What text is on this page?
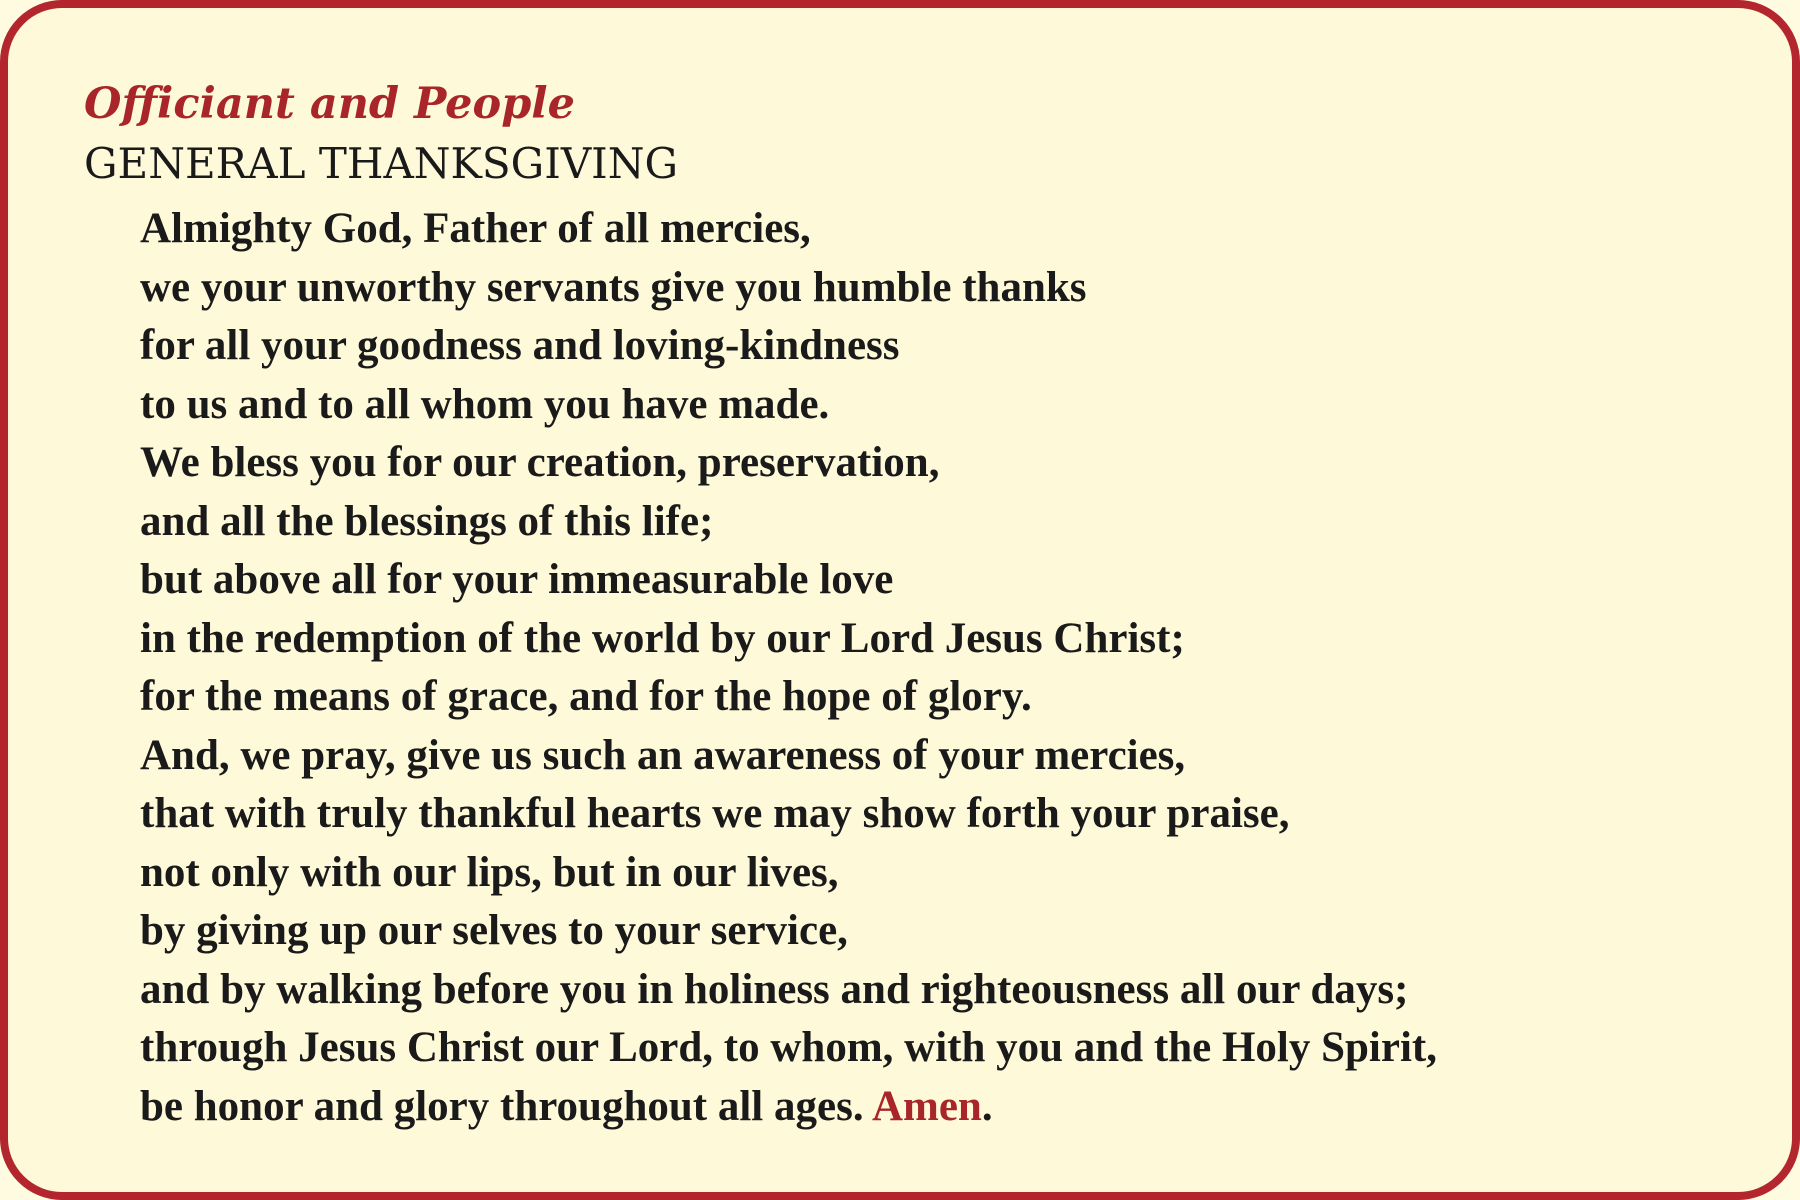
Officiant and People
GENERAL THANKSGIVING
Almighty God, Father of all mercies,
we your unworthy servants give you humble thanks
for all your goodness and loving-kindness
to us and to all whom you have made.
We bless you for our creation, preservation,
and all the blessings of this life;
but above all for your immeasurable love
in the redemption of the world by our Lord Jesus Christ;
for the means of grace, and for the hope of glory.
And, we pray, give us such an awareness of your mercies,
that with truly thankful hearts we may show forth your praise,
not only with our lips, but in our lives,
by giving up our selves to your service,
and by walking before you in holiness and righteousness all our days;
through Jesus Christ our Lord, to whom, with you and the Holy Spirit,
be honor and glory throughout all ages. Amen.
